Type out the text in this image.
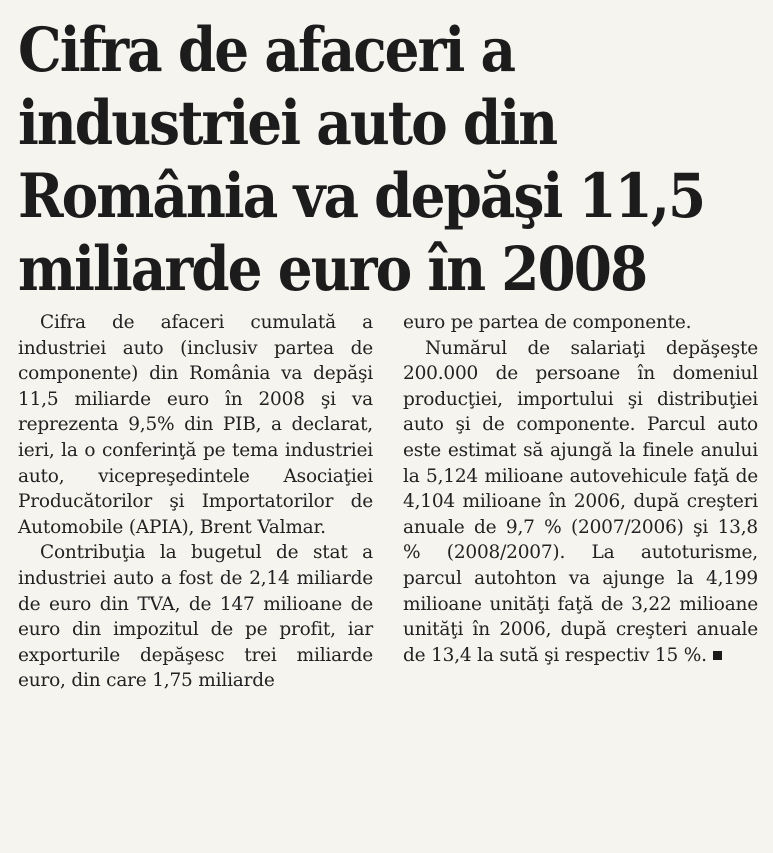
Cifra de afaceri a
industriei auto din
România va depăşi 11,5
miliarde euro în 2008

Cifra de afaceri cumulată a industriei auto (inclusiv partea de componente) din România va depăşi 11,5 miliarde euro în 2008 şi va reprezenta 9,5% din PIB, a declarat, ieri, la o conferinţă pe tema industriei auto, vicepreşedintele Asociaţiei Producătorilor şi Importatorilor de Automobile (APIA), Brent Valmar.

Contribuţia la bugetul de stat a industriei auto a fost de 2,14 miliarde de euro din TVA, de 147 milioane de euro din impozitul de pe profit, iar exporturile depăşesc trei miliarde euro, din care 1,75 miliarde

euro pe partea de componente.

Numărul de salariaţi depăşeşte 200.000 de persoane în domeniul producţiei, importului şi distribuţiei auto şi de componente. Parcul auto este estimat să ajungă la finele anului la 5,124 milioane autovehicule faţă de 4,104 milioane în 2006, după creşteri anuale de 9,7 % (2007/2006) şi 13,8 % (2008/2007). La autoturisme, parcul autohton va ajunge la 4,199 milioane unităţi faţă de 3,22 milioane unităţi în 2006, după creşteri anuale de 13,4 la sută şi respectiv 15 %.
